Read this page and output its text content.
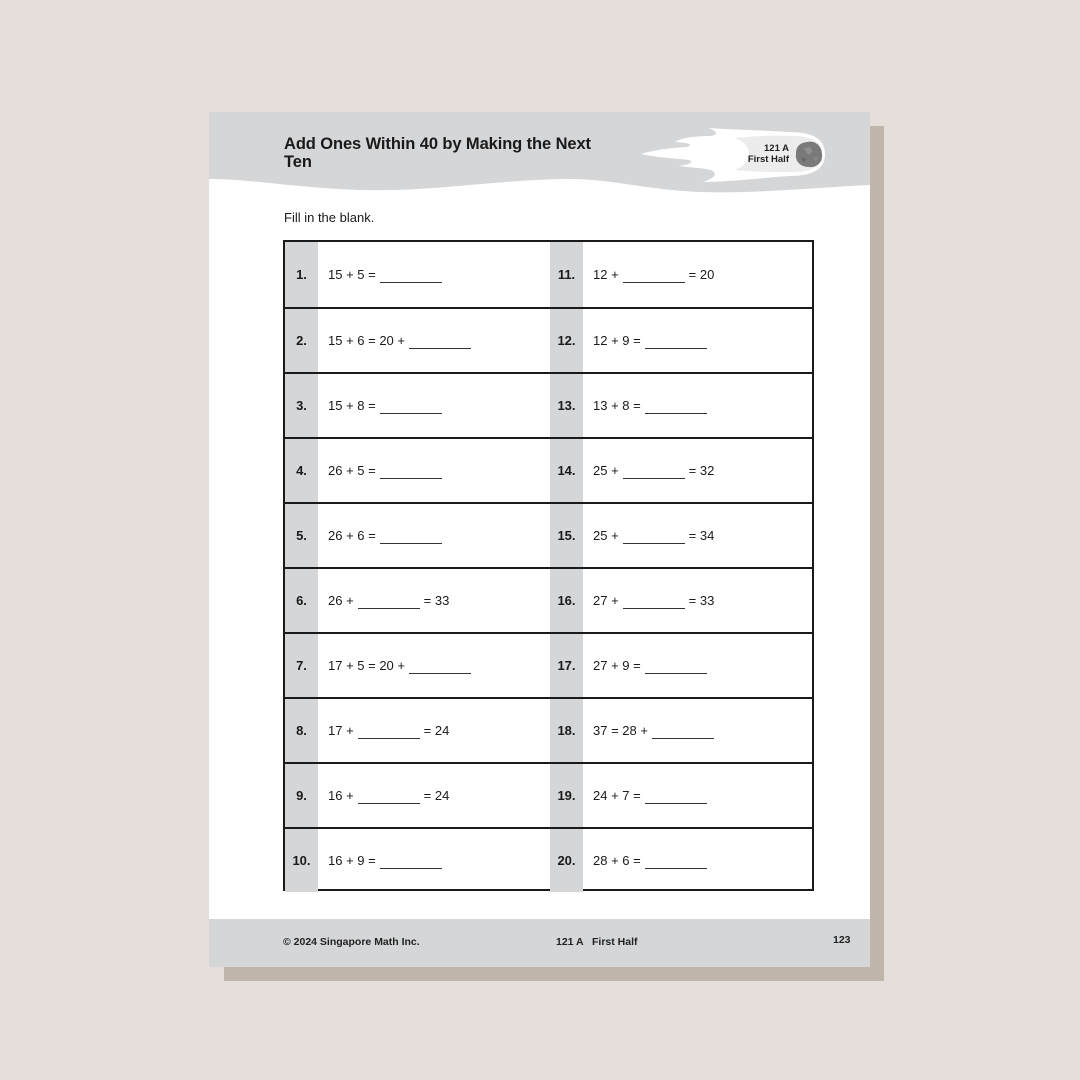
Add Ones Within 40 by Making the Next Ten
121 A
First Half
Fill in the blank.
1.	15 + 5 =	11.	12 +	= 20
2.	15 + 6 = 20 +	12.	12 + 9 =
3.	15 + 8 =	13.	13 + 8 =
4.	26 + 5 =	14.	25 +	= 32
5.	26 + 6 =	15.	25 +	= 34
6.	26 +	= 33	16.	27 +	= 33
7.	17 + 5 = 20 +	17.	27 + 9 =
8.	17 +	= 24	18.	37 = 28 +
9.	16 +	= 24	19.	24 + 7 =
10.	16 + 9 =	20.	28 + 6 =
© 2024 Singapore Math Inc.	121 A   First Half	123
